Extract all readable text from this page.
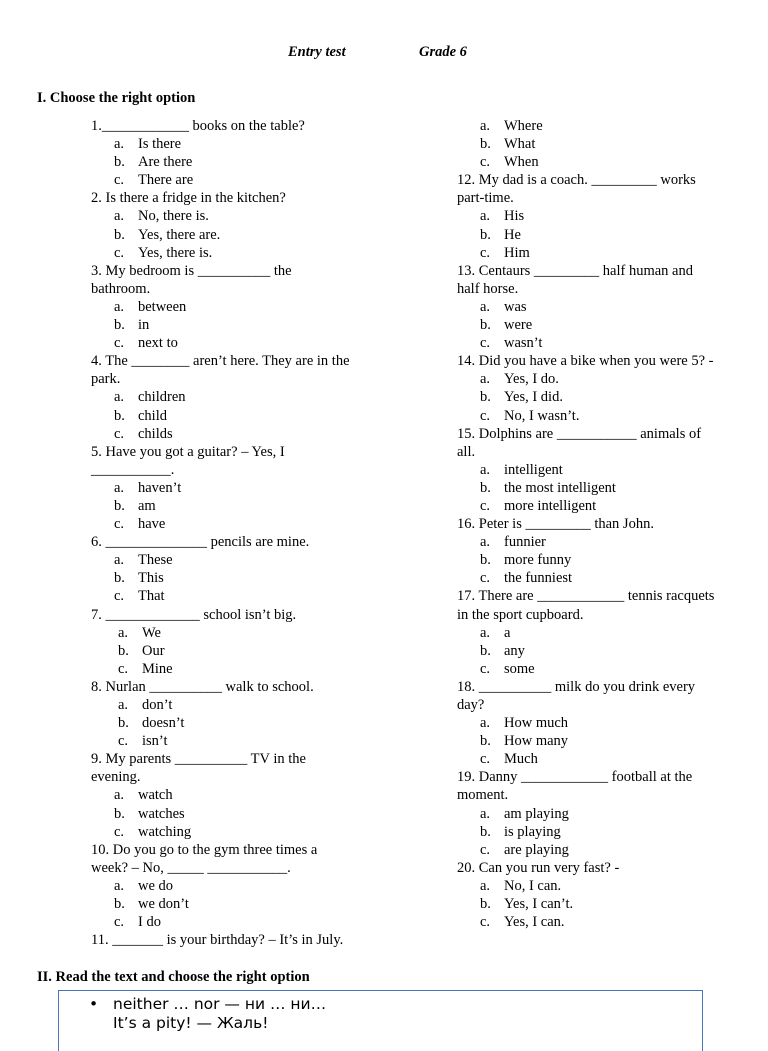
Entry test	Grade 6
I. Choose the right option

1.____________ books on the table?

a. Is there
b. Are there
c. There are

2. Is there a fridge in the kitchen?

a. No, there is.
b. Yes, there are.
c. Yes, there is.

3. My bedroom is __________ the bathroom.

a. between
b. in
c. next to

4. The ________ aren’t here. They are in the park.

a. children
b. child
c. childs

5. Have you got a guitar? – Yes, I ___________.

a. haven’t
b. am
c. have

6. ______________ pencils are mine.

a. These
b. This
c. That

7. _____________ school isn’t big.

a. We
b. Our
c. Mine

8. Nurlan __________ walk to school.

a. don’t
b. doesn’t
c. isn’t

9. My parents __________ TV in the evening.

a. watch
b. watches
c. watching

10. Do you go to the gym three times a week? – No, _____ ___________.

a. we do
b. we don’t
c. I do

11. _______ is your birthday? – It’s in July.

a. Where
b. What
c. When

12. My dad is a coach. _________ works part-time.

a. His
b. He
c. Him

13. Centaurs _________ half human and half horse.

a. was
b. were
c. wasn’t

14. Did you have a bike when you were 5? -

a. Yes, I do.
b. Yes, I did.
c. No, I wasn’t.

15. Dolphins are ___________ animals of all.

a. intelligent
b. the most intelligent
c. more intelligent

16. Peter is _________ than John.

a. funnier
b. more funny
c. the funniest

17. There are ____________ tennis racquets in the sport cupboard.

a. a
b. any
c. some

18. __________ milk do you drink every day?

a. How much
b. How many
c. Much

19. Danny ____________ football at the moment.

a. am playing
b. is playing
c. are playing

20. Can you run very fast? -

a. No, I can.
b. Yes, I can’t.
c. Yes, I can.
II. Read the text and choose the right option
• neither … nor — ни … ни…
It’s a pity! — Жаль!
